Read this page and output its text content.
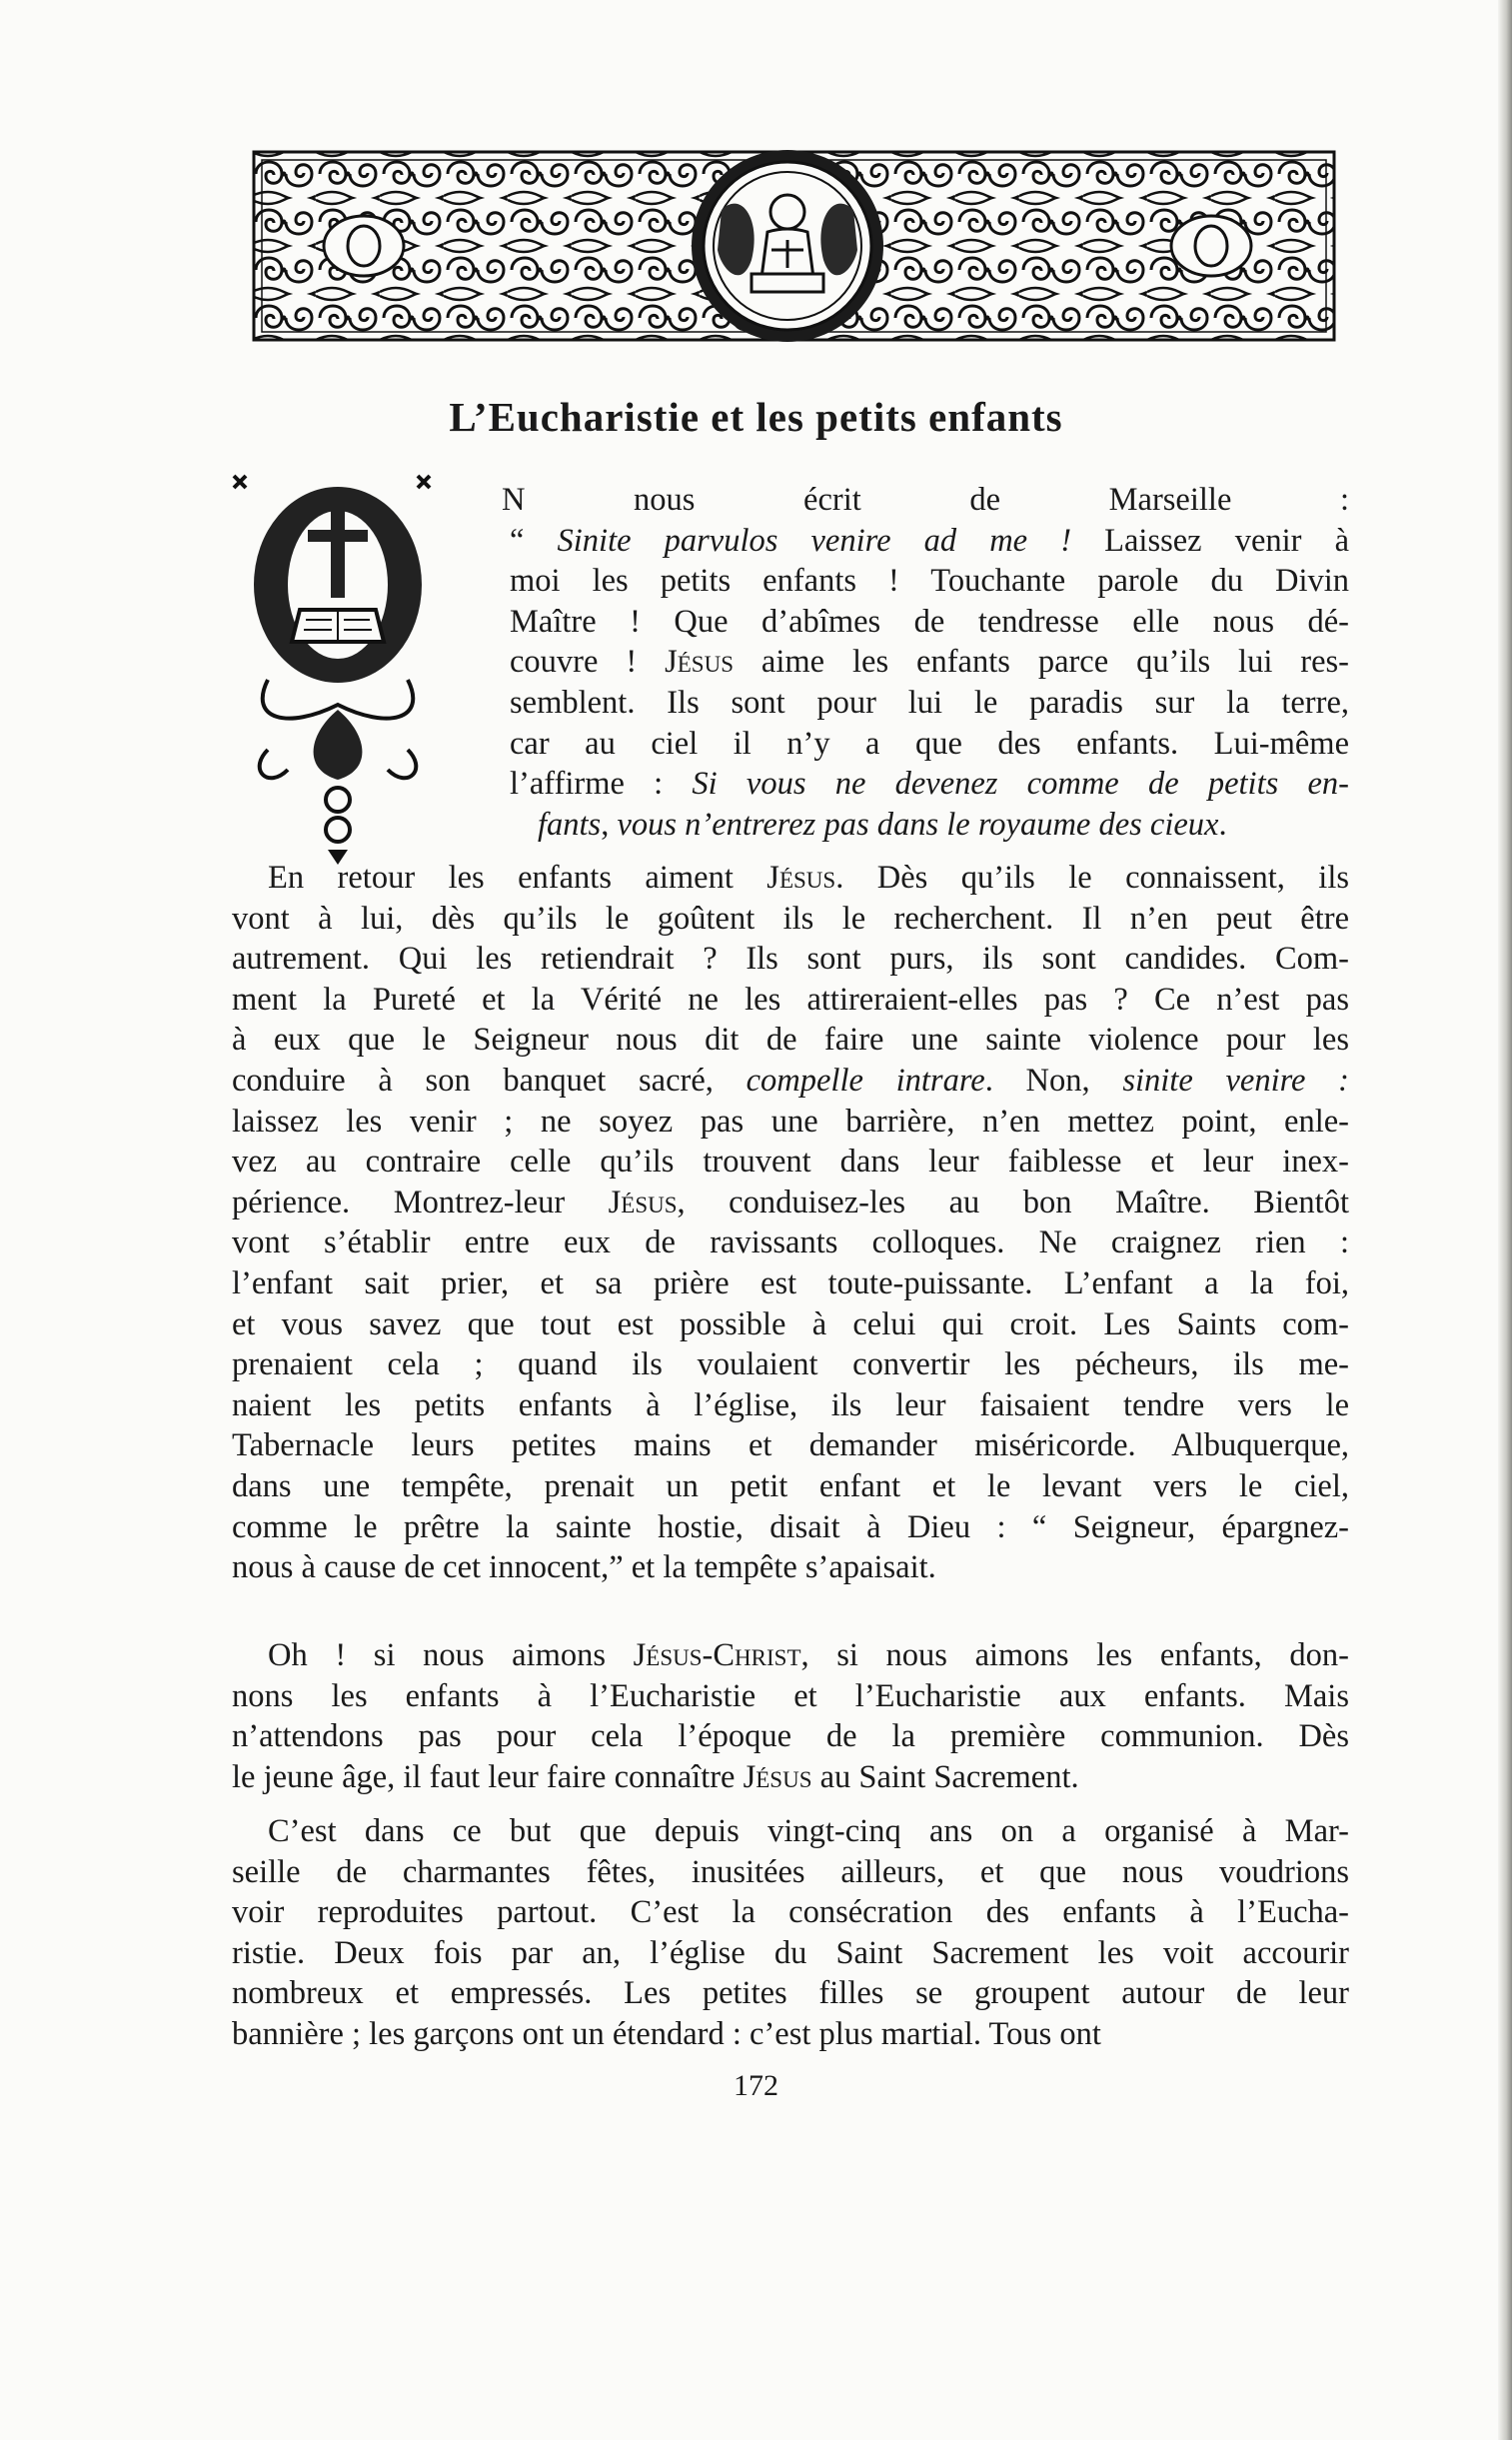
L’Eucharistie et les petits enfants
N nous écrit de Marseille :
“ Sinite parvulos venire ad me ! Laissez venir à
moi les petits enfants ! Touchante parole du Divin
Maître ! Que d’abîmes de tendresse elle nous dé-
couvre ! Jésus aime les enfants parce qu’ils lui res-
semblent. Ils sont pour lui le paradis sur la terre,
car au ciel il n’y a que des enfants. Lui-même
l’affirme : Si vous ne devenez comme de petits en-
fants, vous n’entrerez pas dans le royaume des cieux.
En retour les enfants aiment Jésus. Dès qu’ils le connaissent, ils
vont à lui, dès qu’ils le goûtent ils le recherchent. Il n’en peut être
autrement. Qui les retiendrait ? Ils sont purs, ils sont candides. Com-
ment la Pureté et la Vérité ne les attireraient-elles pas ? Ce n’est pas
à eux que le Seigneur nous dit de faire une sainte violence pour les
conduire à son banquet sacré, compelle intrare. Non, sinite venire :
laissez les venir ; ne soyez pas une barrière, n’en mettez point, enle-
vez au contraire celle qu’ils trouvent dans leur faiblesse et leur inex-
périence. Montrez-leur Jésus, conduisez-les au bon Maître. Bientôt
vont s’établir entre eux de ravissants colloques. Ne craignez rien :
l’enfant sait prier, et sa prière est toute-puissante. L’enfant a la foi,
et vous savez que tout est possible à celui qui croit. Les Saints com-
prenaient cela ; quand ils voulaient convertir les pécheurs, ils me-
naient les petits enfants à l’église, ils leur faisaient tendre vers le
Tabernacle leurs petites mains et demander miséricorde. Albuquerque,
dans une tempête, prenait un petit enfant et le levant vers le ciel,
comme le prêtre la sainte hostie, disait à Dieu : “ Seigneur, épargnez-
nous à cause de cet innocent,” et la tempête s’apaisait.
Oh ! si nous aimons Jésus-Christ, si nous aimons les enfants, don-
nons les enfants à l’Eucharistie et l’Eucharistie aux enfants. Mais
n’attendons pas pour cela l’époque de la première communion. Dès
le jeune âge, il faut leur faire connaître Jésus au Saint Sacrement.
C’est dans ce but que depuis vingt-cinq ans on a organisé à Mar-
seille de charmantes fêtes, inusitées ailleurs, et que nous voudrions
voir reproduites partout. C’est la consécration des enfants à l’Eucha-
ristie. Deux fois par an, l’église du Saint Sacrement les voit accourir
nombreux et empressés. Les petites filles se groupent autour de leur
bannière ; les garçons ont un étendard : c’est plus martial. Tous ont
172
